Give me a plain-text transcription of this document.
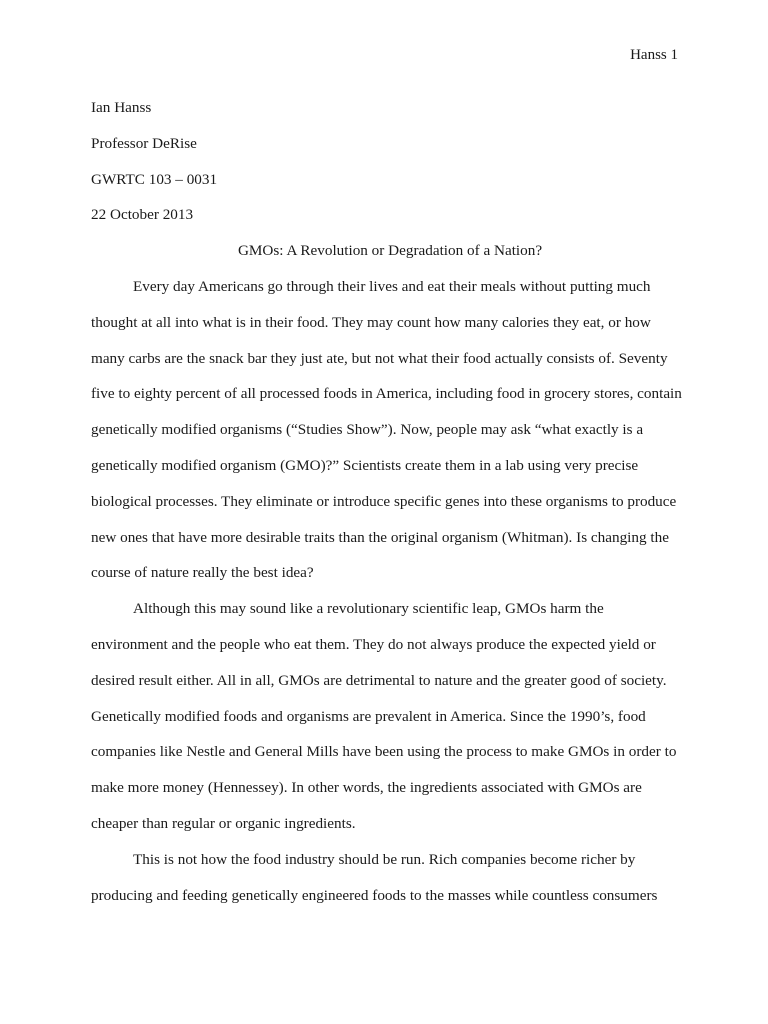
Hanss 1

Ian Hanss

Professor DeRise

GWRTC 103 – 0031

22 October 2013

GMOs: A Revolution or Degradation of a Nation?

Every day Americans go through their lives and eat their meals without putting much
thought at all into what is in their food. They may count how many calories they eat, or how
many carbs are the snack bar they just ate, but not what their food actually consists of. Seventy
five to eighty percent of all processed foods in America, including food in grocery stores, contain
genetically modified organisms (“Studies Show”). Now, people may ask “what exactly is a
genetically modified organism (GMO)?” Scientists create them in a lab using very precise
biological processes. They eliminate or introduce specific genes into these organisms to produce
new ones that have more desirable traits than the original organism (Whitman). Is changing the
course of nature really the best idea?

Although this may sound like a revolutionary scientific leap, GMOs harm the
environment and the people who eat them. They do not always produce the expected yield or
desired result either. All in all, GMOs are detrimental to nature and the greater good of society.
Genetically modified foods and organisms are prevalent in America. Since the 1990’s, food
companies like Nestle and General Mills have been using the process to make GMOs in order to
make more money (Hennessey). In other words, the ingredients associated with GMOs are
cheaper than regular or organic ingredients.

This is not how the food industry should be run. Rich companies become richer by
producing and feeding genetically engineered foods to the masses while countless consumers
